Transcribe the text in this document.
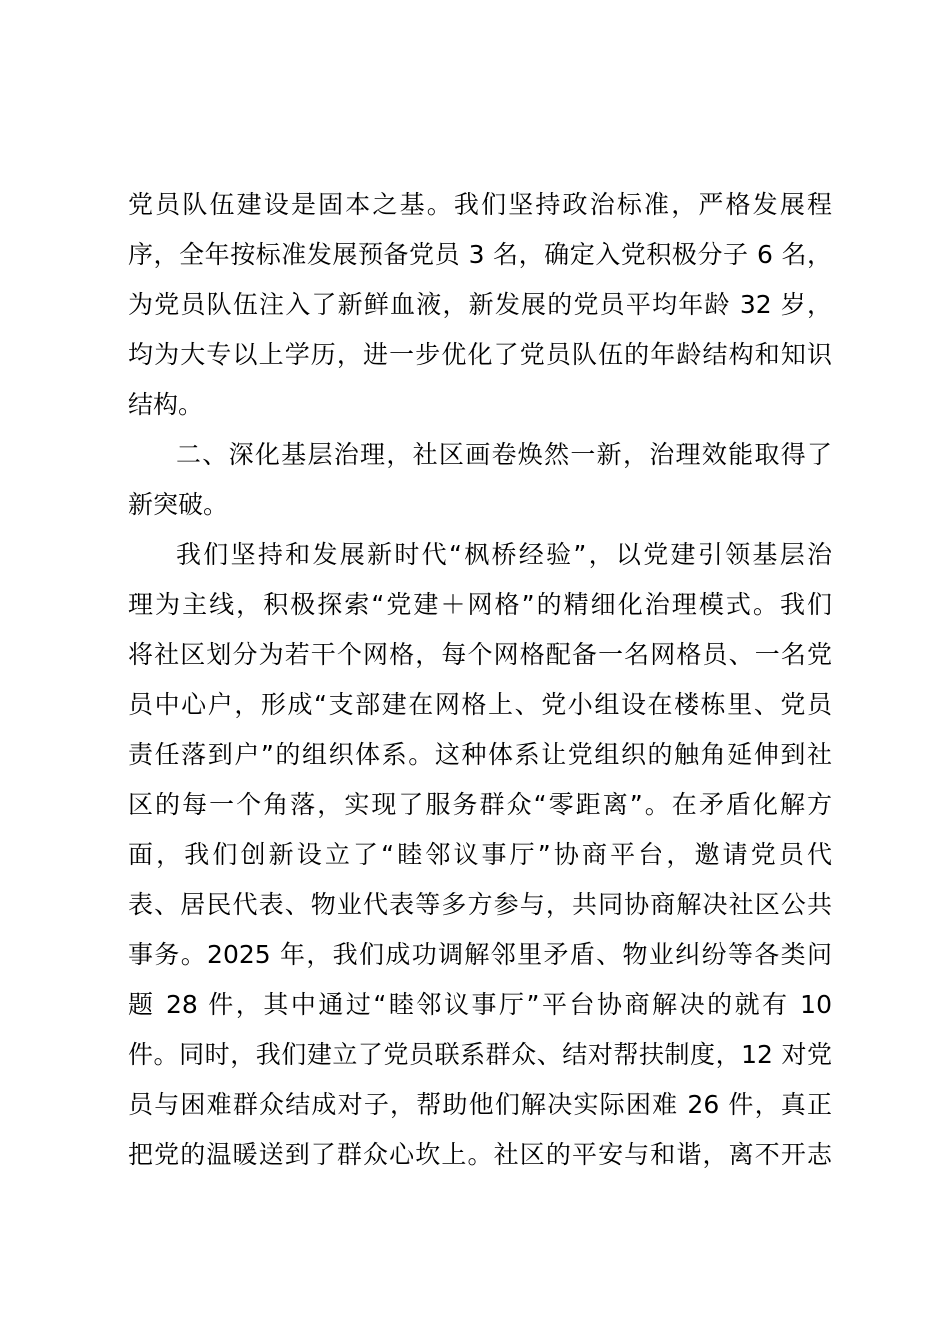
党员队伍建设是固本之基。我们坚持政治标准，严格发展程
序，全年按标准发展预备党员 3 名，确定入党积极分子 6 名，
为党员队伍注入了新鲜血液，新发展的党员平均年龄 32 岁，
均为大专以上学历，进一步优化了党员队伍的年龄结构和知识
结构。
二、深化基层治理，社区画卷焕然一新，治理效能取得了
新突破。
我们坚持和发展新时代“枫桥经验”，以党建引领基层治
理为主线，积极探索“党建＋网格”的精细化治理模式。我们
将社区划分为若干个网格，每个网格配备一名网格员、一名党
员中心户，形成“支部建在网格上、党小组设在楼栋里、党员
责任落到户”的组织体系。这种体系让党组织的触角延伸到社
区的每一个角落，实现了服务群众“零距离”。在矛盾化解方
面，我们创新设立了“睦邻议事厅”协商平台，邀请党员代
表、居民代表、物业代表等多方参与，共同协商解决社区公共
事务。2025 年，我们成功调解邻里矛盾、物业纠纷等各类问
题 28 件，其中通过“睦邻议事厅”平台协商解决的就有 10
件。同时，我们建立了党员联系群众、结对帮扶制度，12 对党
员与困难群众结成对子，帮助他们解决实际困难 26 件，真正
把党的温暖送到了群众心坎上。社区的平安与和谐，离不开志
